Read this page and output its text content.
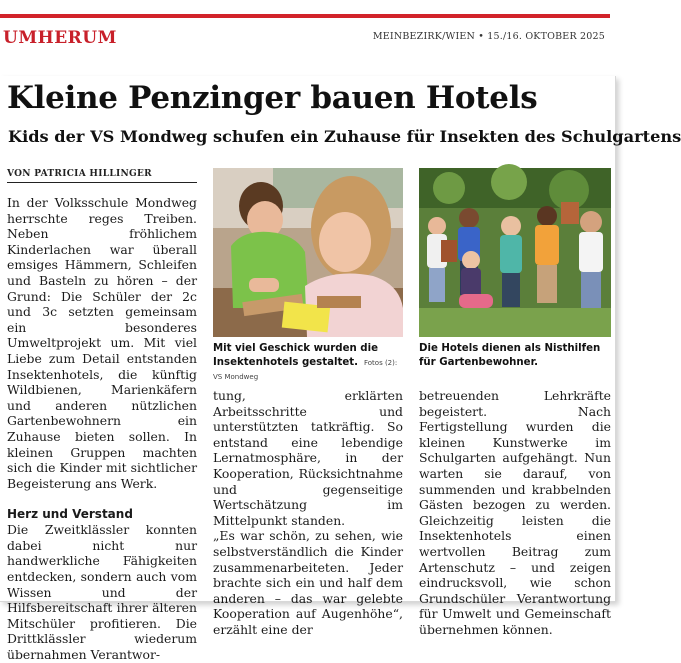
UMHERUM	MEINBEZIRK/WIEN • 15./16. OKTOBER 2025
Kleine Penzinger bauen Hotels
Kids der VS Mondweg schufen ein Zuhause für Insekten des Schulgartens
VON PATRICIA HILLINGER

In der Volksschule Mondweg herrschte reges Treiben. Neben fröhlichem Kinderlachen war überall emsiges Hämmern, Schleifen und Basteln zu hören – der Grund: Die Schüler der 2c und 3c setzten gemeinsam ein besonderes Umweltprojekt um. Mit viel Liebe zum Detail entstanden Insektenhotels, die künftig Wildbienen, Marienkäfern und anderen nützlichen Gartenbewohnern ein Zuhause bieten sollen. In kleinen Gruppen machten sich die Kinder mit sichtlicher Begeisterung ans Werk.

Herz und Verstand

Die Zweitklässler konnten dabei nicht nur handwerkliche Fähigkeiten entdecken, sondern auch vom Wissen und der Hilfsbereitschaft ihrer älteren Mitschüler profitieren. Die Drittklässler wiederum übernahmen Verantwor-

Mit viel Geschick wurden die Insektenhotels gestaltet. Fotos (2): VS Mondweg
Die Hotels dienen als Nisthilfen für Gartenbewohner.

tung, erklärten Arbeitsschritte und unterstützten tatkräftig. So entstand eine lebendige Lernatmosphäre, in der Kooperation, Rücksichtnahme und gegenseitige Wertschätzung im Mittelpunkt standen.

„Es war schön, zu sehen, wie selbstverständlich die Kinder zusammenarbeiteten. Jeder brachte sich ein und half dem anderen – das war gelebte Kooperation auf Augenhöhe“, erzählt eine der

betreuenden Lehrkräfte begeistert. Nach Fertigstellung wurden die kleinen Kunstwerke im Schulgarten aufgehängt. Nun warten sie darauf, von summenden und krabbelnden Gästen bezogen zu werden. Gleichzeitig leisten die Insektenhotels einen wertvollen Beitrag zum Artenschutz – und zeigen eindrucksvoll, wie schon Grundschüler Verantwortung für Umwelt und Gemeinschaft übernehmen können.
